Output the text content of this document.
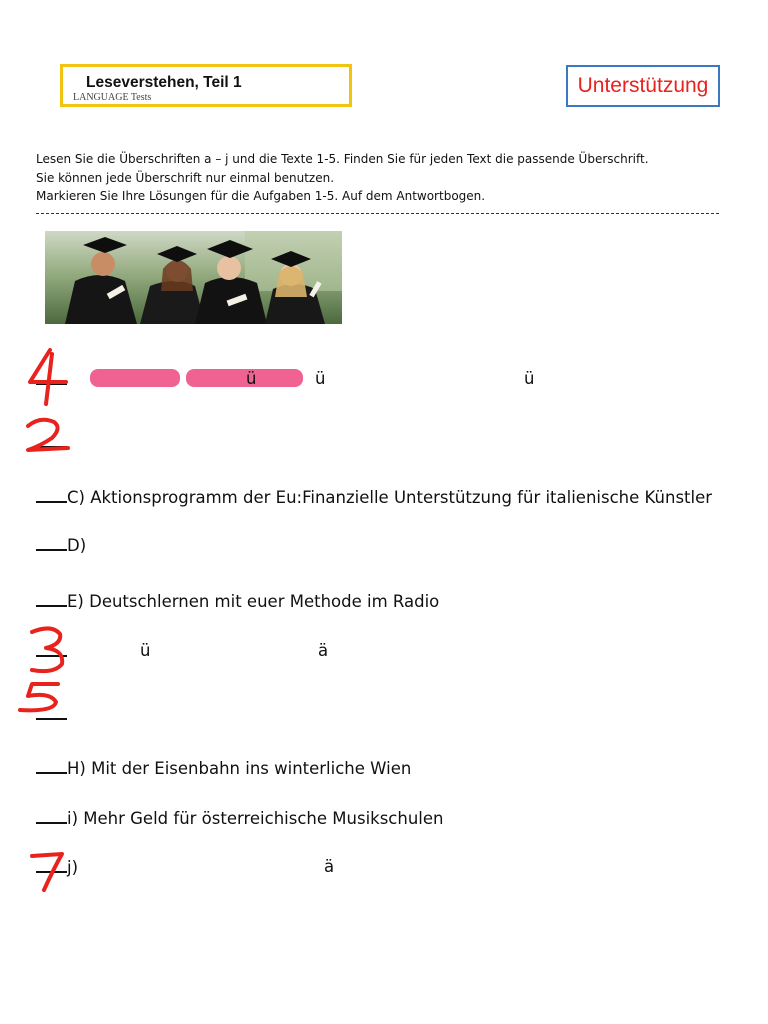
Leseverstehen, Teil 1
LANGUAGE Tests
Unterstützung
Lesen Sie die Überschriften a – j und die Texte 1-5. Finden Sie für jeden Text die passende Überschrift.
Sie können jede Überschrift nur einmal benutzen.
Markieren Sie Ihre Lösungen für die Aufgaben 1-5. Auf dem Antwortbogen.
ü	ü	ü
C) Aktionsprogramm der Eu:Finanzielle Unterstützung für italienische Künstler
D)
E) Deutschlernen mit euer Methode im Radio
ü	ä
H) Mit der Eisenbahn ins winterliche Wien
i) Mehr Geld für österreichische Musikschulen
j)	ä
